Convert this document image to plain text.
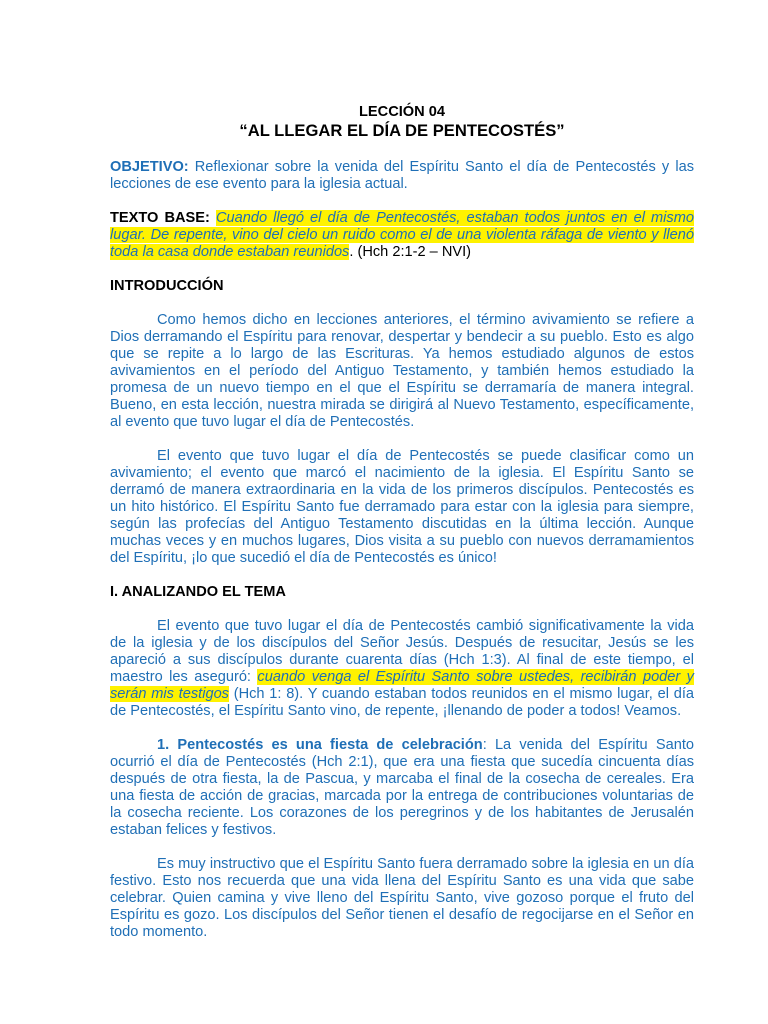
LECCIÓN 04
“AL LLEGAR EL DÍA DE PENTECOSTÉS”

OBJETIVO: Reflexionar sobre la venida del Espíritu Santo el día de Pentecostés y las lecciones de ese evento para la iglesia actual.

TEXTO BASE: Cuando llegó el día de Pentecostés, estaban todos juntos en el mismo lugar. De repente, vino del cielo un ruido como el de una violenta ráfaga de viento y llenó toda la casa donde estaban reunidos. (Hch 2:1-2 – NVI)

INTRODUCCIÓN

Como hemos dicho en lecciones anteriores, el término avivamiento se refiere a Dios derramando el Espíritu para renovar, despertar y bendecir a su pueblo. Esto es algo que se repite a lo largo de las Escrituras. Ya hemos estudiado algunos de estos avivamientos en el período del Antiguo Testamento, y también hemos estudiado la promesa de un nuevo tiempo en el que el Espíritu se derramaría de manera integral. Bueno, en esta lección, nuestra mirada se dirigirá al Nuevo Testamento, específicamente, al evento que tuvo lugar el día de Pentecostés.

El evento que tuvo lugar el día de Pentecostés se puede clasificar como un avivamiento; el evento que marcó el nacimiento de la iglesia. El Espíritu Santo se derramó de manera extraordinaria en la vida de los primeros discípulos. Pentecostés es un hito histórico. El Espíritu Santo fue derramado para estar con la iglesia para siempre, según las profecías del Antiguo Testamento discutidas en la última lección. Aunque muchas veces y en muchos lugares, Dios visita a su pueblo con nuevos derramamientos del Espíritu, ¡lo que sucedió el día de Pentecostés es único!

I. ANALIZANDO EL TEMA

El evento que tuvo lugar el día de Pentecostés cambió significativamente la vida de la iglesia y de los discípulos del Señor Jesús. Después de resucitar, Jesús se les apareció a sus discípulos durante cuarenta días (Hch 1:3). Al final de este tiempo, el maestro les aseguró: cuando venga el Espíritu Santo sobre ustedes, recibirán poder y serán mis testigos (Hch 1: 8). Y cuando estaban todos reunidos en el mismo lugar, el día de Pentecostés, el Espíritu Santo vino, de repente, ¡llenando de poder a todos! Veamos.

1. Pentecostés es una fiesta de celebración: La venida del Espíritu Santo ocurrió el día de Pentecostés (Hch 2:1), que era una fiesta que sucedía cincuenta días después de otra fiesta, la de Pascua, y marcaba el final de la cosecha de cereales. Era una fiesta de acción de gracias, marcada por la entrega de contribuciones voluntarias de la cosecha reciente. Los corazones de los peregrinos y de los habitantes de Jerusalén estaban felices y festivos.

Es muy instructivo que el Espíritu Santo fuera derramado sobre la iglesia en un día festivo. Esto nos recuerda que una vida llena del Espíritu Santo es una vida que sabe celebrar. Quien camina y vive lleno del Espíritu Santo, vive gozoso porque el fruto del Espíritu es gozo. Los discípulos del Señor tienen el desafío de regocijarse en el Señor en todo momento.
